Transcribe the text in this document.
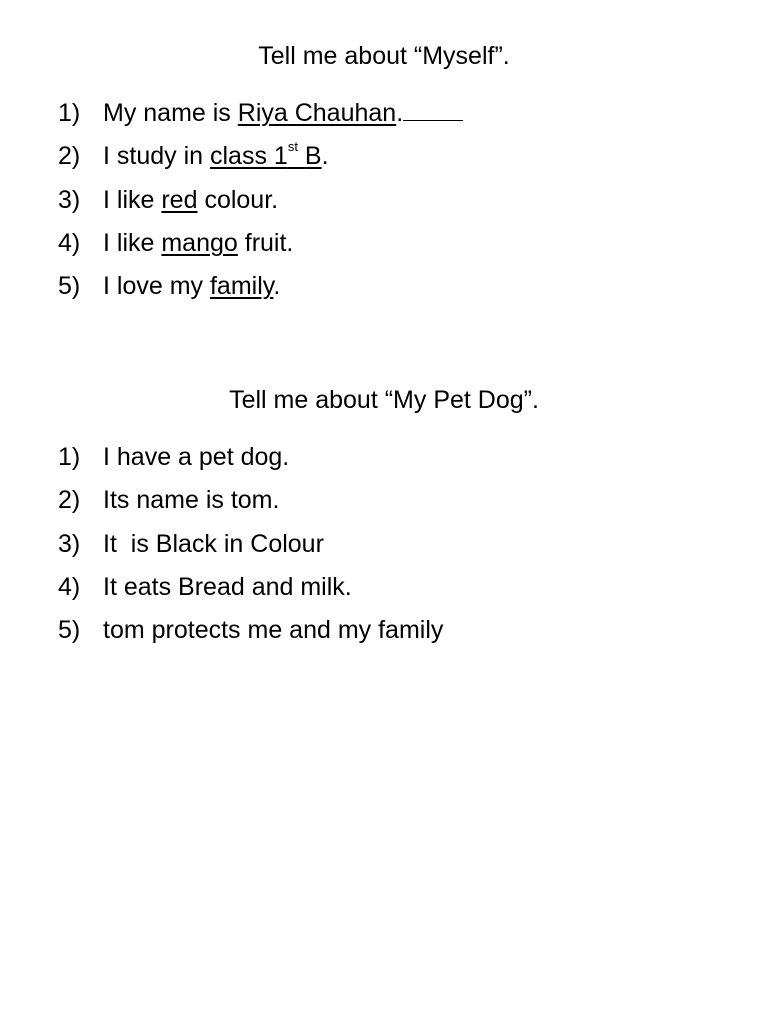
Tell me about “Myself”.

1)

My name is Riya Chauhan.

2)

I study in class 1st B.

3)

I like red colour.

4)

I like mango fruit.

5)

I love my family.

Tell me about “My Pet Dog”.

1)

I have a pet dog.

2)

Its name is tom.

3)

It  is Black in Colour

4)

It eats Bread and milk.

5)

tom protects me and my family
